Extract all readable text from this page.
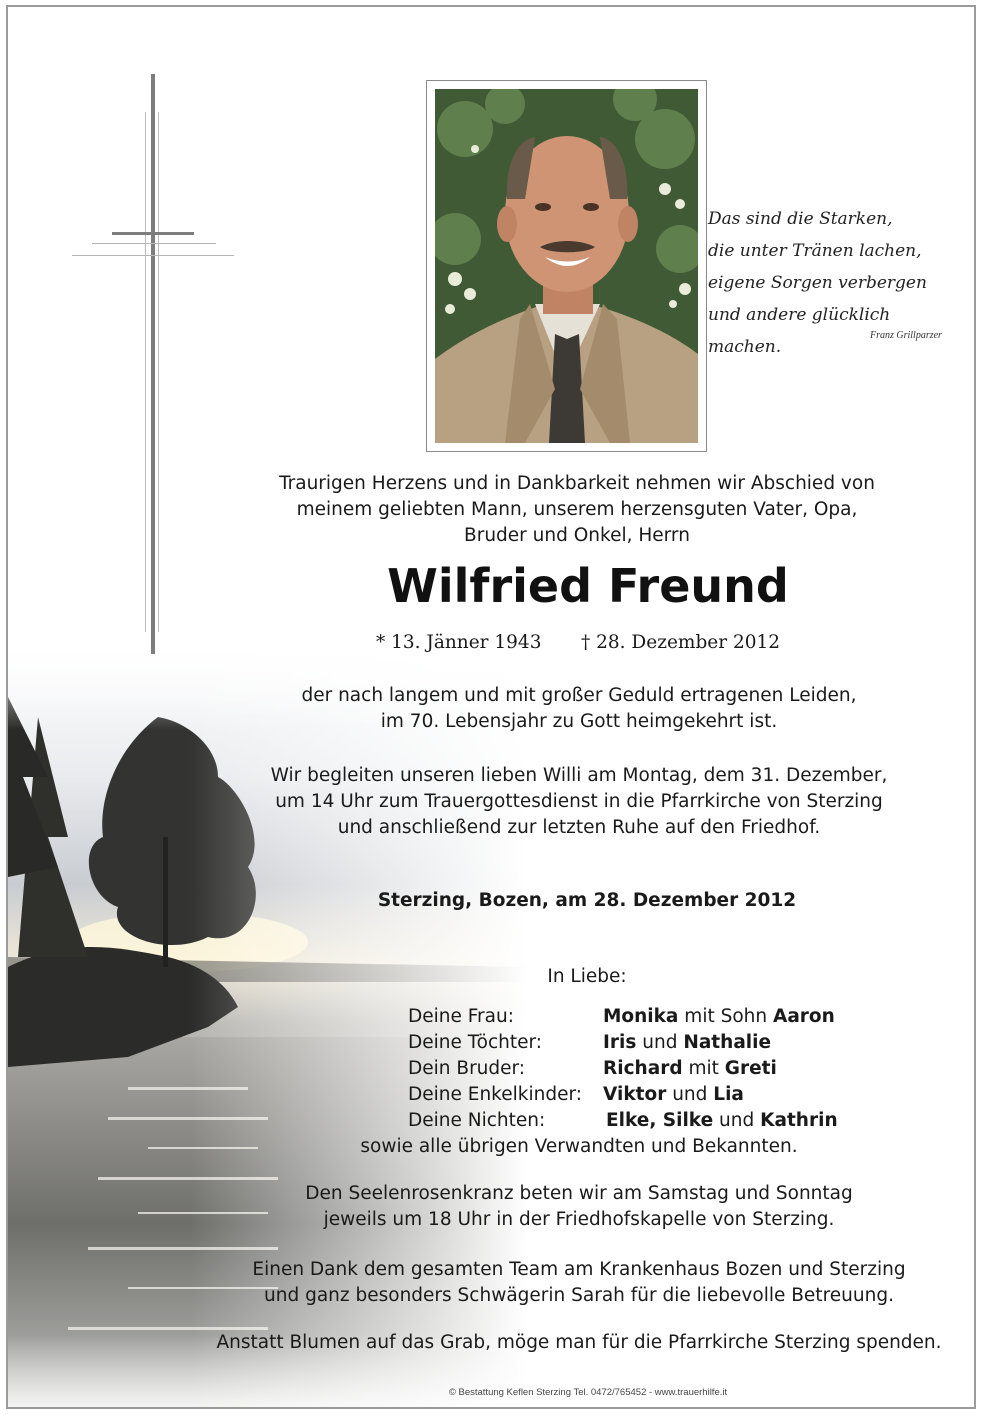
Das sind die Starken,
die unter Tränen lachen,
eigene Sorgen verbergen
und andere glücklich machen.
Franz Grillparzer
Traurigen Herzens und in Dankbarkeit nehmen wir Abschied von
meinem geliebten Mann, unserem herzensguten Vater, Opa,
Bruder und Onkel, Herrn
Wilfried Freund
* 13. Jänner 1943 † 28. Dezember 2012
der nach langem und mit großer Geduld ertragenen Leiden,
im 70. Lebensjahr zu Gott heimgekehrt ist.
Wir begleiten unseren lieben Willi am Montag, dem 31. Dezember,
um 14 Uhr zum Trauergottesdienst in die Pfarrkirche von Sterzing
und anschließend zur letzten Ruhe auf den Friedhof.
Sterzing, Bozen, am 28. Dezember 2012
In Liebe:
Deine Frau:	Monika mit Sohn Aaron
Deine Töchter:	Iris und Nathalie
Dein Bruder:	Richard mit Greti
Deine Enkelkinder: Viktor und Lia
Deine Nichten:	Elke, Silke und Kathrin
sowie alle übrigen Verwandten und Bekannten.
Den Seelenrosenkranz beten wir am Samstag und Sonntag
jeweils um 18 Uhr in der Friedhofskapelle von Sterzing.
Einen Dank dem gesamten Team am Krankenhaus Bozen und Sterzing
und ganz besonders Schwägerin Sarah für die liebevolle Betreuung.
Anstatt Blumen auf das Grab, möge man für die Pfarrkirche Sterzing spenden.
© Bestattung Keflen Sterzing Tel. 0472/765452 - www.trauerhilfe.it
